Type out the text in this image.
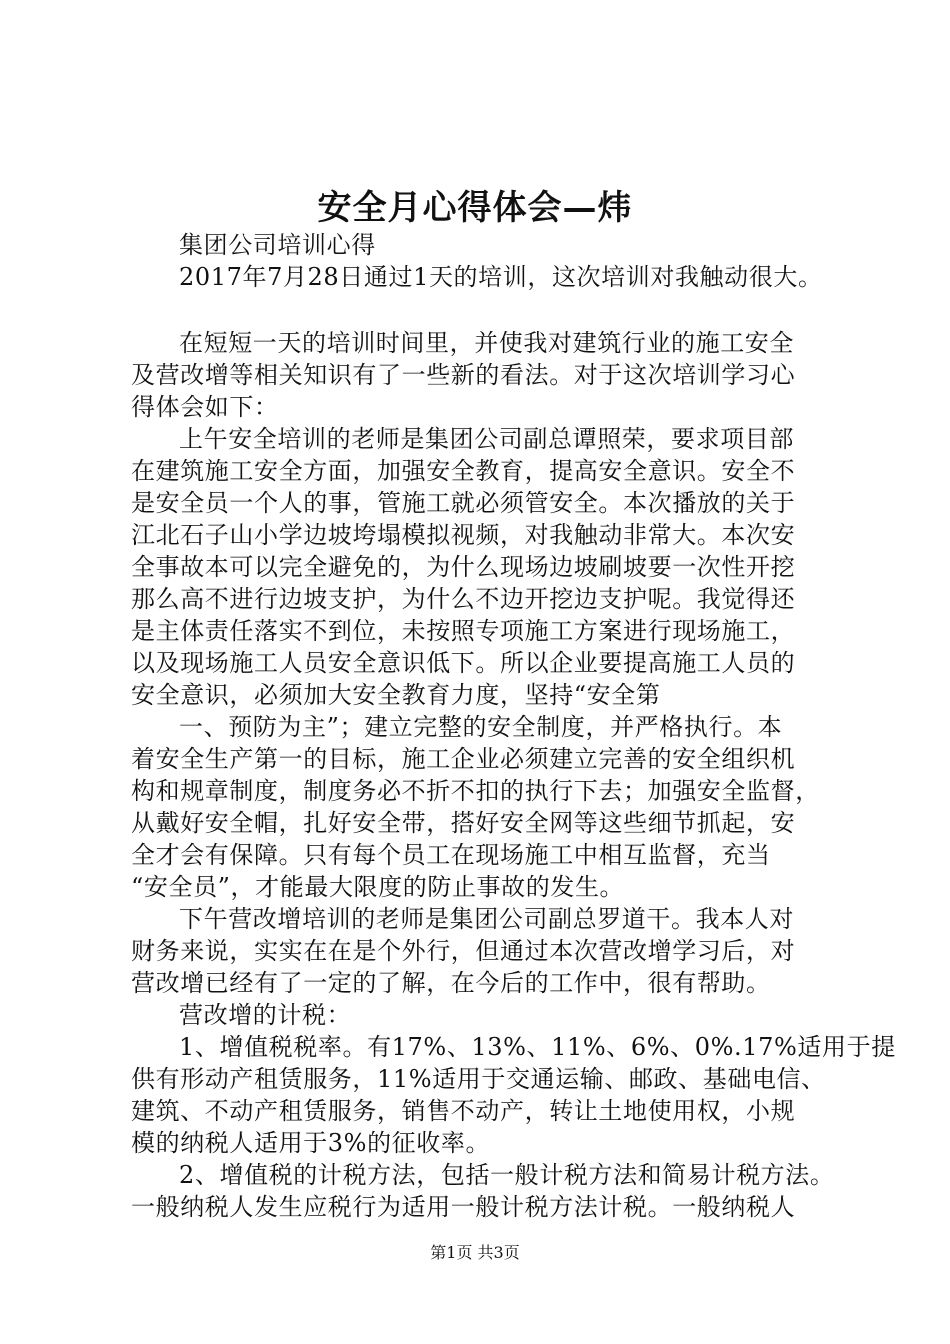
安全月心得体会—炜
集团公司培训心得
2017年7月28日通过1天的培训，这次培训对我触动很大。
在短短一天的培训时间里，并使我对建筑行业的施工安全
及营改增等相关知识有了一些新的看法。对于这次培训学习心
得体会如下：
上午安全培训的老师是集团公司副总谭照荣，要求项目部
在建筑施工安全方面，加强安全教育，提高安全意识。安全不
是安全员一个人的事，管施工就必须管安全。本次播放的关于
江北石子山小学边坡垮塌模拟视频，对我触动非常大。本次安
全事故本可以完全避免的，为什么现场边坡刷坡要一次性开挖
那么高不进行边坡支护，为什么不边开挖边支护呢。我觉得还
是主体责任落实不到位，未按照专项施工方案进行现场施工，
以及现场施工人员安全意识低下。所以企业要提高施工人员的
安全意识，必须加大安全教育力度，坚持“安全第
一、预防为主”；建立完整的安全制度，并严格执行。本
着安全生产第一的目标，施工企业必须建立完善的安全组织机
构和规章制度，制度务必不折不扣的执行下去；加强安全监督，
从戴好安全帽，扎好安全带，搭好安全网等这些细节抓起，安
全才会有保障。只有每个员工在现场施工中相互监督，充当
“安全员”，才能最大限度的防止事故的发生。
下午营改增培训的老师是集团公司副总罗道干。我本人对
财务来说，实实在在是个外行，但通过本次营改增学习后，对
营改增已经有了一定的了解，在今后的工作中，很有帮助。
营改增的计税：
1、增值税税率。有17%、13%、11%、6%、0%.17%适用于提
供有形动产租赁服务，11%适用于交通运输、邮政、基础电信、
建筑、不动产租赁服务，销售不动产，转让土地使用权，小规
模的纳税人适用于3%的征收率。
2、增值税的计税方法，包括一般计税方法和简易计税方法。
一般纳税人发生应税行为适用一般计税方法计税。一般纳税人
第1页 共3页
